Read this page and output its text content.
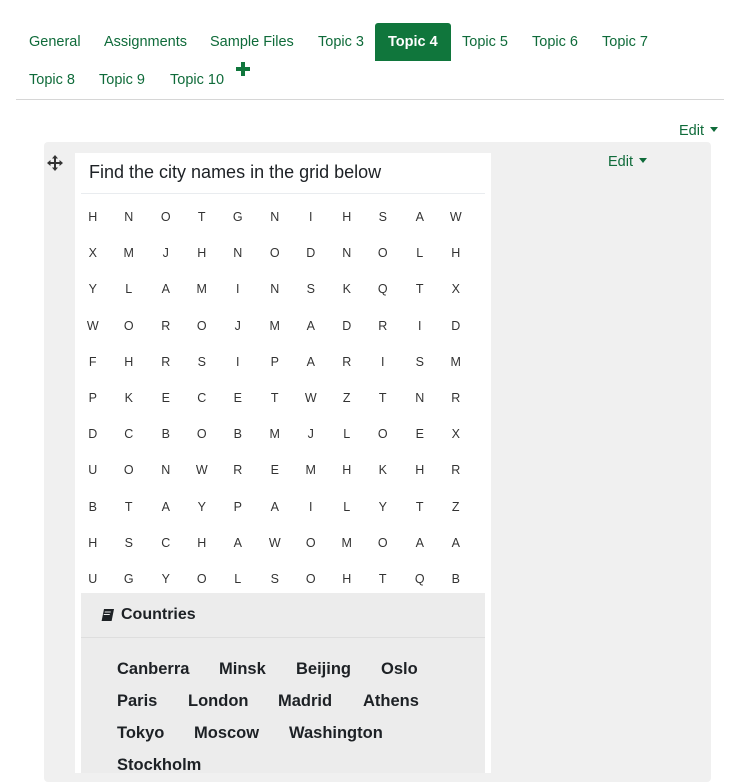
General	Assignments	Sample Files	Topic 3	Topic 4	Topic 5	Topic 6	Topic 7
Topic 8	Topic 9	Topic 10
Edit
Edit
Find the city names in the grid below
H	N	O	T	G	N	I	H	S	A	W
X	M	J	H	N	O	D	N	O	L	H
Y	L	A	M	I	N	S	K	Q	T	X
W	O	R	O	J	M	A	D	R	I	D
F	H	R	S	I	P	A	R	I	S	M
P	K	E	C	E	T	W	Z	T	N	R
D	C	B	O	B	M	J	L	O	E	X
U	O	N	W	R	E	M	H	K	H	R
B	T	A	Y	P	A	I	L	Y	T	Z
H	S	C	H	A	W	O	M	O	A	A
U	G	Y	O	L	S	O	H	T	Q	B
Countries
Canberra Minsk Beijing Oslo
Paris London Madrid Athens
Tokyo Moscow Washington
Stockholm
